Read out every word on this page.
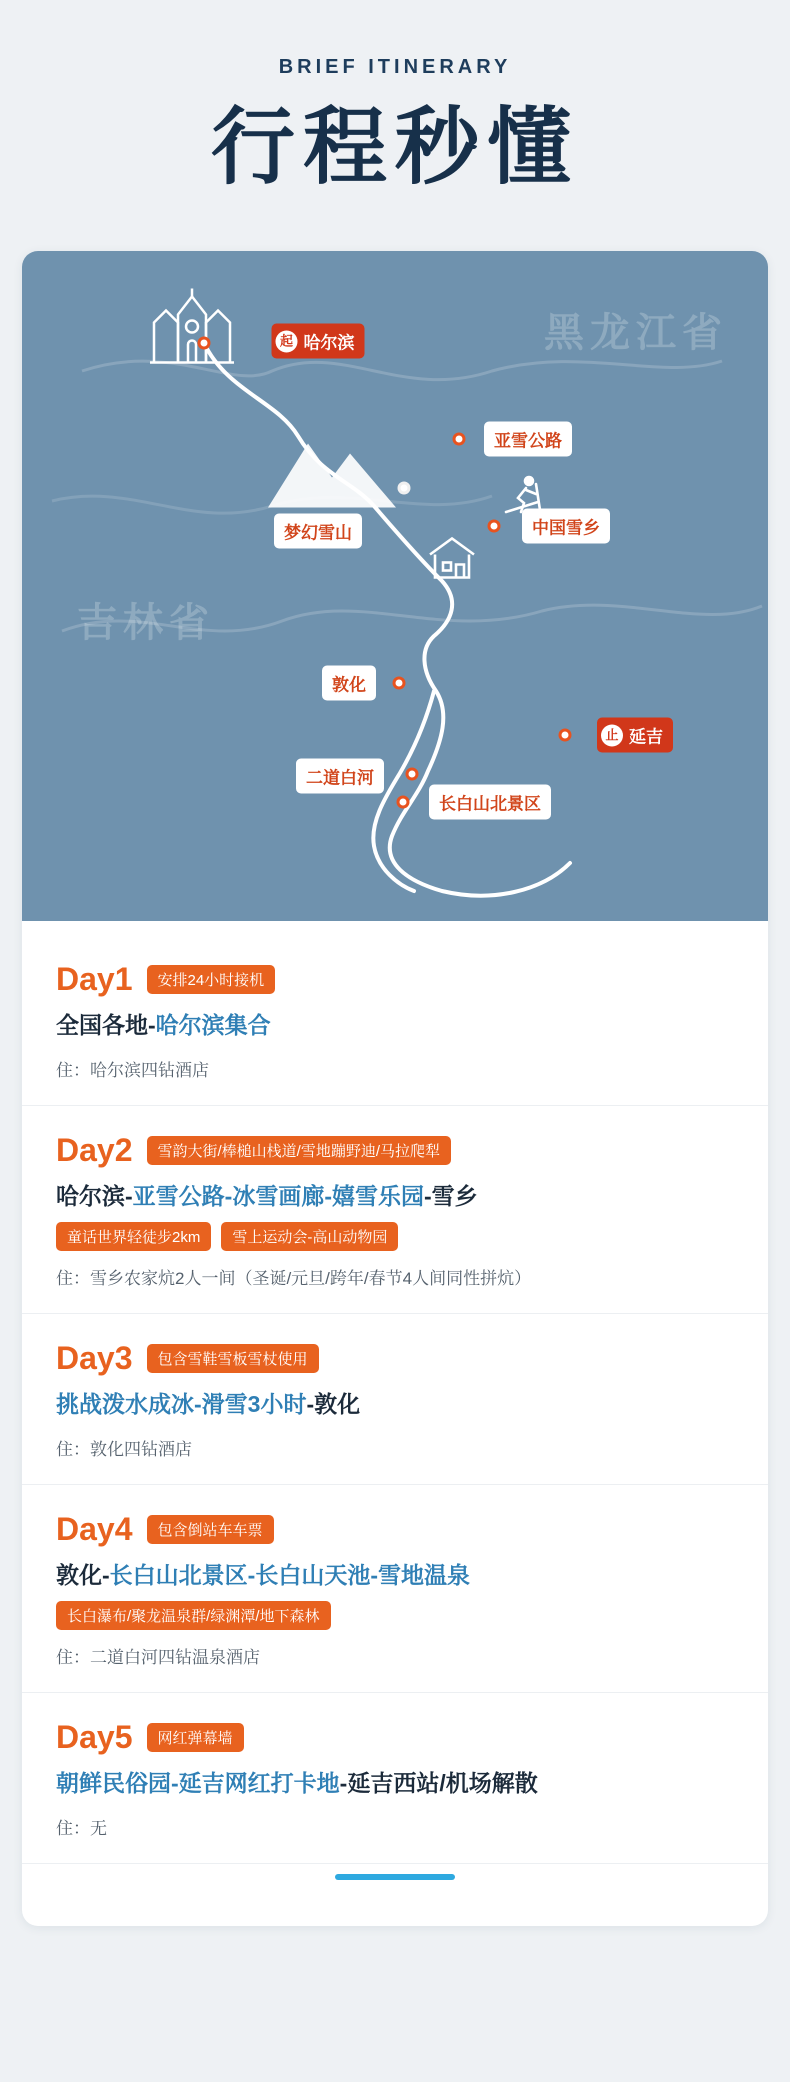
BRIEF ITINERARY
行程秒懂
黑龙江省
吉林省
起 哈尔滨
亚雪公路
梦幻雪山	中国雪乡
敦化
止 延吉
二道白河
长白山北景区
Day1	安排24小时接机
全国各地-哈尔滨集合
住：哈尔滨四钻酒店
Day2	雪韵大街/棒槌山栈道/雪地蹦野迪/马拉爬犁
哈尔滨-亚雪公路-冰雪画廊-嬉雪乐园-雪乡
童话世界轻徒步2km	雪上运动会-高山动物园
住：雪乡农家炕2人一间（圣诞/元旦/跨年/春节4人间同性拼炕）
Day3	包含雪鞋雪板雪杖使用
挑战泼水成冰-滑雪3小时-敦化
住：敦化四钻酒店
Day4	包含倒站车车票
敦化-长白山北景区-长白山天池-雪地温泉
长白瀑布/聚龙温泉群/绿渊潭/地下森林
住：二道白河四钻温泉酒店
Day5	网红弹幕墙
朝鲜民俗园-延吉网红打卡地-延吉西站/机场解散
住：无
